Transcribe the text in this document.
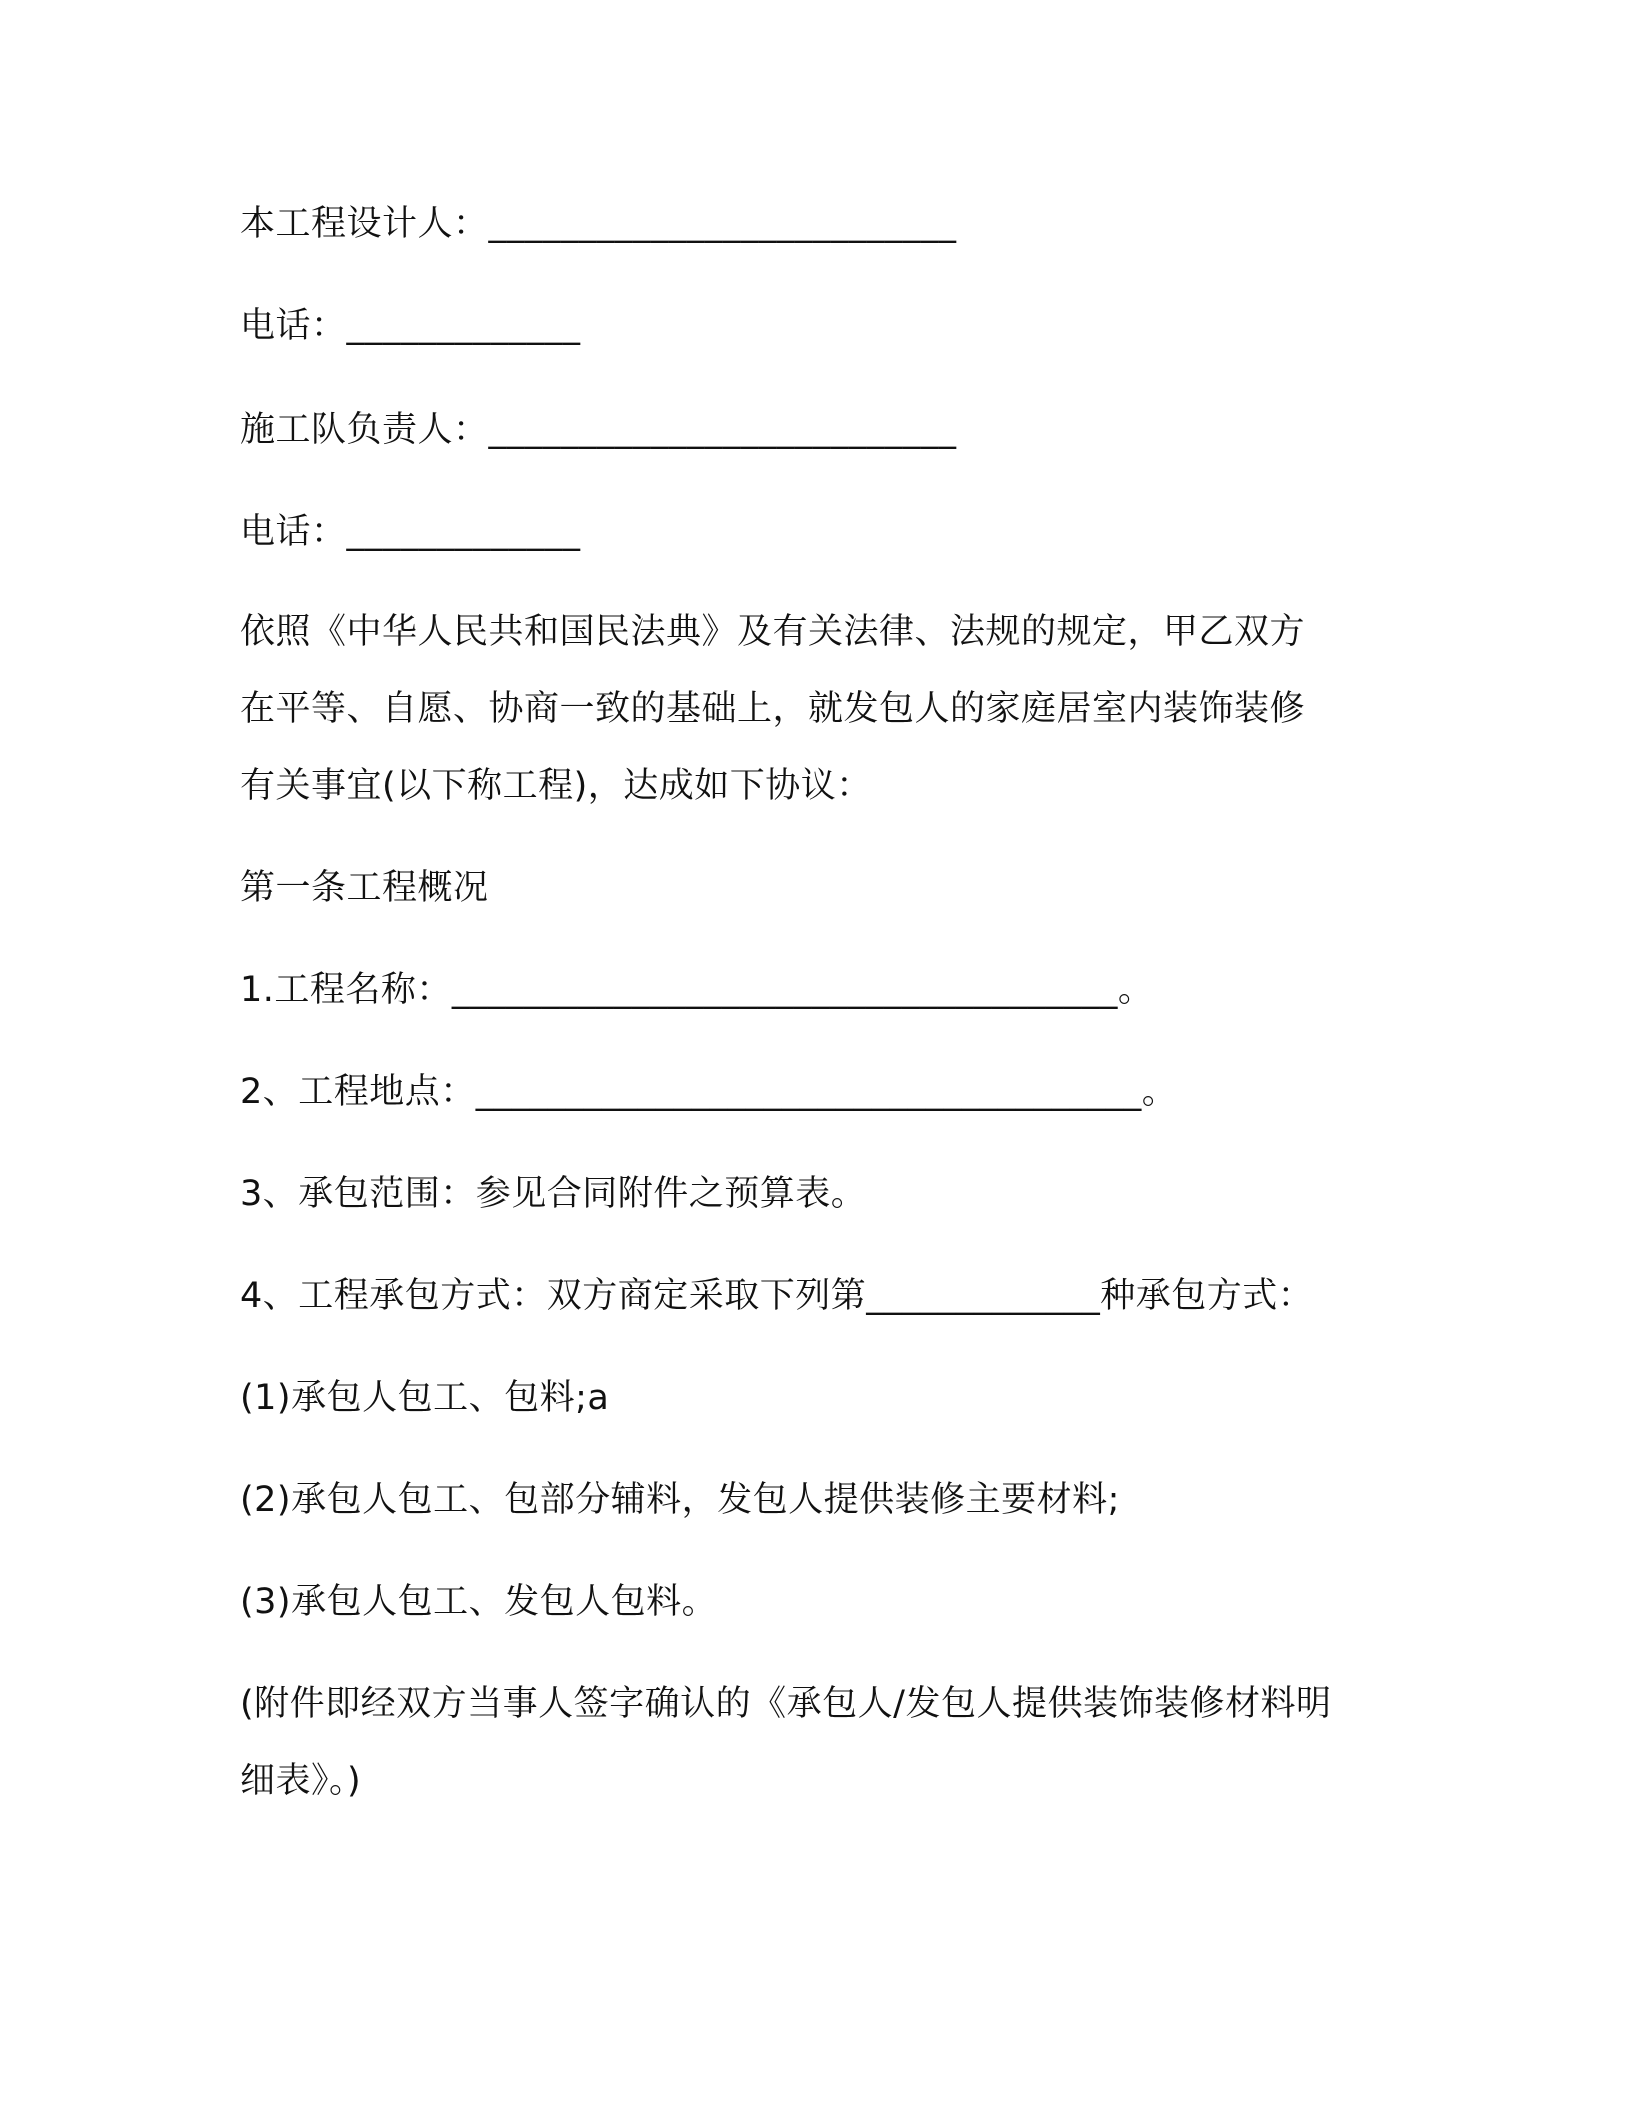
本工程设计人：__________________________
电话：_____________
施工队负责人：__________________________
电话：_____________
依照《中华人民共和国民法典》及有关法律、法规的规定，甲乙双方
在平等、自愿、协商一致的基础上，就发包人的家庭居室内装饰装修
有关事宜(以下称工程)，达成如下协议：
第一条工程概况
1.工程名称：_____________________________________。
2、工程地点：_____________________________________。
3、承包范围：参见合同附件之预算表。
4、工程承包方式：双方商定采取下列第_____________种承包方式：
(1)承包人包工、包料;a
(2)承包人包工、包部分辅料，发包人提供装修主要材料;
(3)承包人包工、发包人包料。
(附件即经双方当事人签字确认的《承包人/发包人提供装饰装修材料明
细表》。)
